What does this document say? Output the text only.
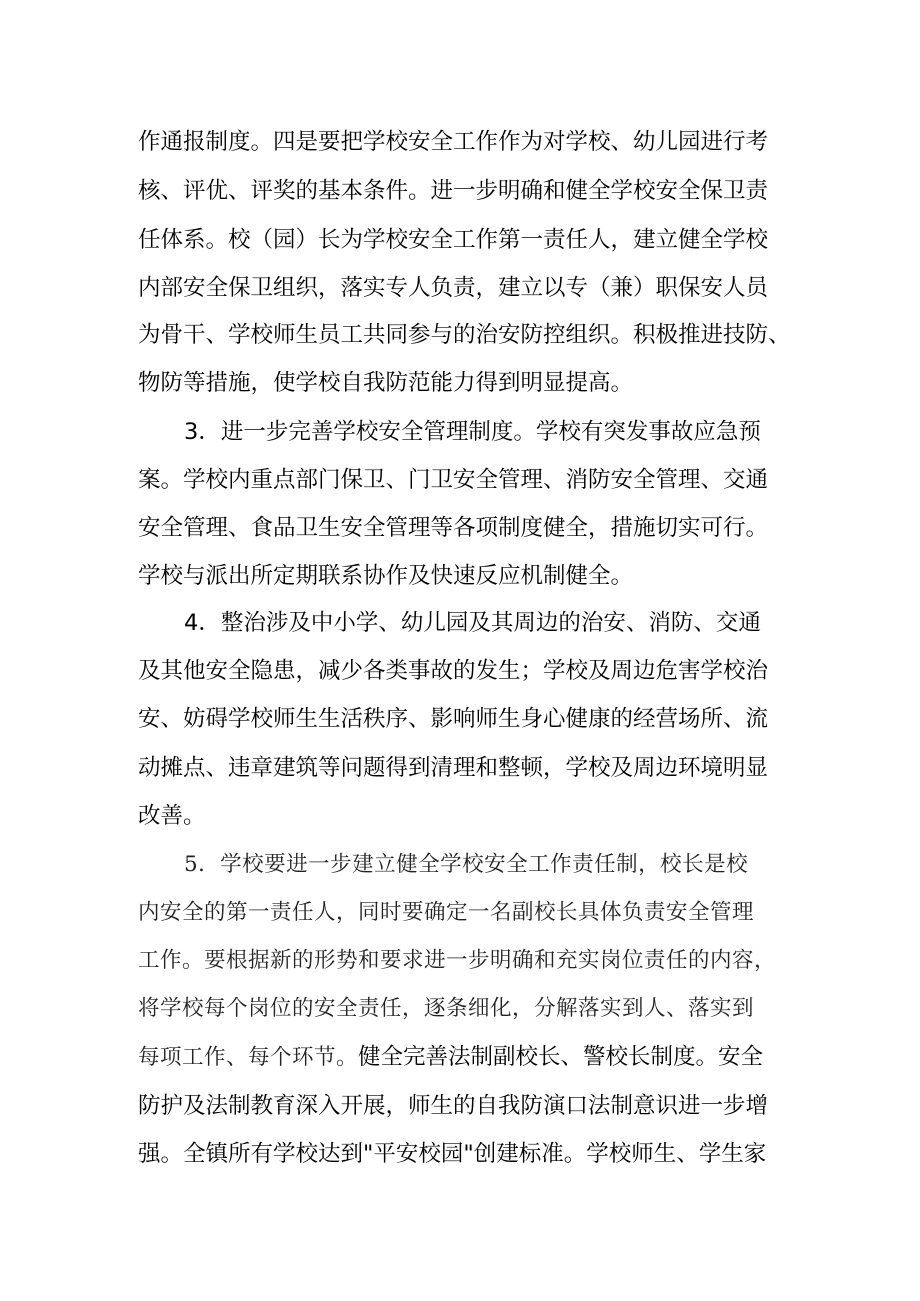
作通报制度。四是要把学校安全工作作为对学校、幼儿园进行考
核、评优、评奖的基本条件。进一步明确和健全学校安全保卫责
任体系。校（园）长为学校安全工作第一责任人，建立健全学校
内部安全保卫组织，落实专人负责，建立以专（兼）职保安人员
为骨干、学校师生员工共同参与的治安防控组织。积极推进技防、
物防等措施，使学校自我防范能力得到明显提高。
3．进一步完善学校安全管理制度。学校有突发事故应急预
案。学校内重点部门保卫、门卫安全管理、消防安全管理、交通
安全管理、食品卫生安全管理等各项制度健全，措施切实可行。
学校与派出所定期联系协作及快速反应机制健全。
4．整治涉及中小学、幼儿园及其周边的治安、消防、交通
及其他安全隐患，减少各类事故的发生；学校及周边危害学校治
安、妨碍学校师生生活秩序、影响师生身心健康的经营场所、流
动摊点、违章建筑等问题得到清理和整顿，学校及周边环境明显
改善。
5．学校要进一步建立健全学校安全工作责任制，校长是校
内安全的第一责任人，同时要确定一名副校长具体负责安全管理
工作。要根据新的形势和要求进一步明确和充实岗位责任的内容，
将学校每个岗位的安全责任，逐条细化，分解落实到人、落实到
每项工作、每个环节。健全完善法制副校长、警校长制度。安全
防护及法制教育深入开展，师生的自我防演口法制意识进一步增
强。全镇所有学校达到"平安校园"创建标准。学校师生、学生家
